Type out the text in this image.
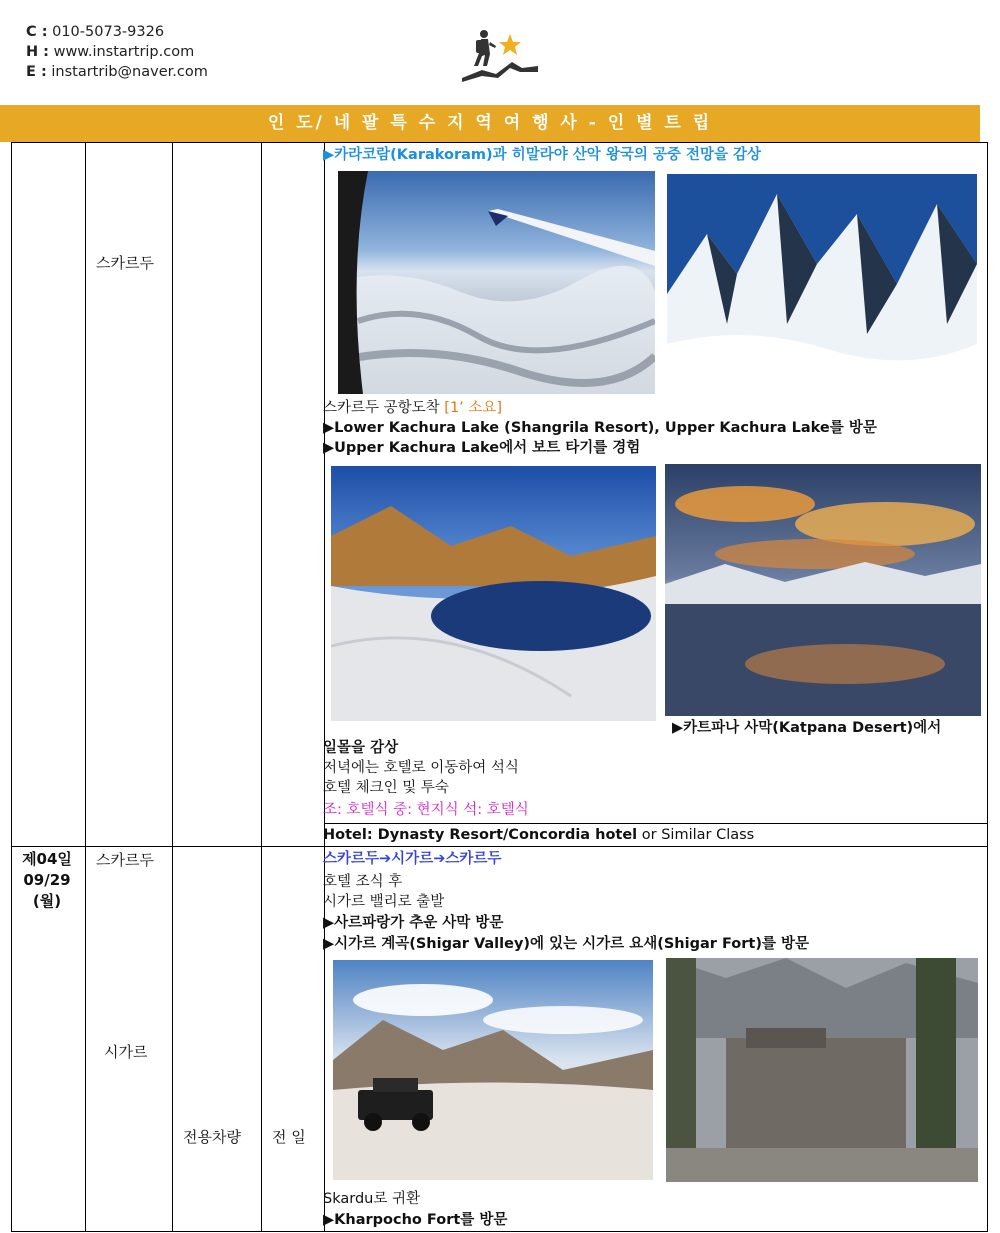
C : 010-5073-9326
H : www.instartrip.com
E : instartrib@naver.com
인 도/ 네 팔 특 수 지 역 여 행 사 - 인 별 트 립
스카르두
▶카라코람(Karakoram)과 히말라야 산악 왕국의 공중 전망을 감상
스카르두 공항도착 [1’ 소요]
▶Lower Kachura Lake (Shangrila Resort), Upper Kachura Lake를 방문
▶Upper Kachura Lake에서 보트 타기를 경험
▶카트파나 사막(Katpana Desert)에서
일몰을 감상
저녁에는 호텔로 이동하여 석식
호텔 체크인 및 투숙
조: 호텔식 중: 현지식 석: 호텔식
Hotel: Dynasty Resort/Concordia hotel or Similar Class
제04일
09/29
(월)
스카르두
시가르
전용차량 전 일
스카르두➔시가르➔스카르두
호텔 조식 후
시가르 밸리로 출발
▶사르파랑가 추운 사막 방문
▶시가르 계곡(Shigar Valley)에 있는 시가르 요새(Shigar Fort)를 방문
Skardu로 귀환
▶Kharpocho Fort를 방문
